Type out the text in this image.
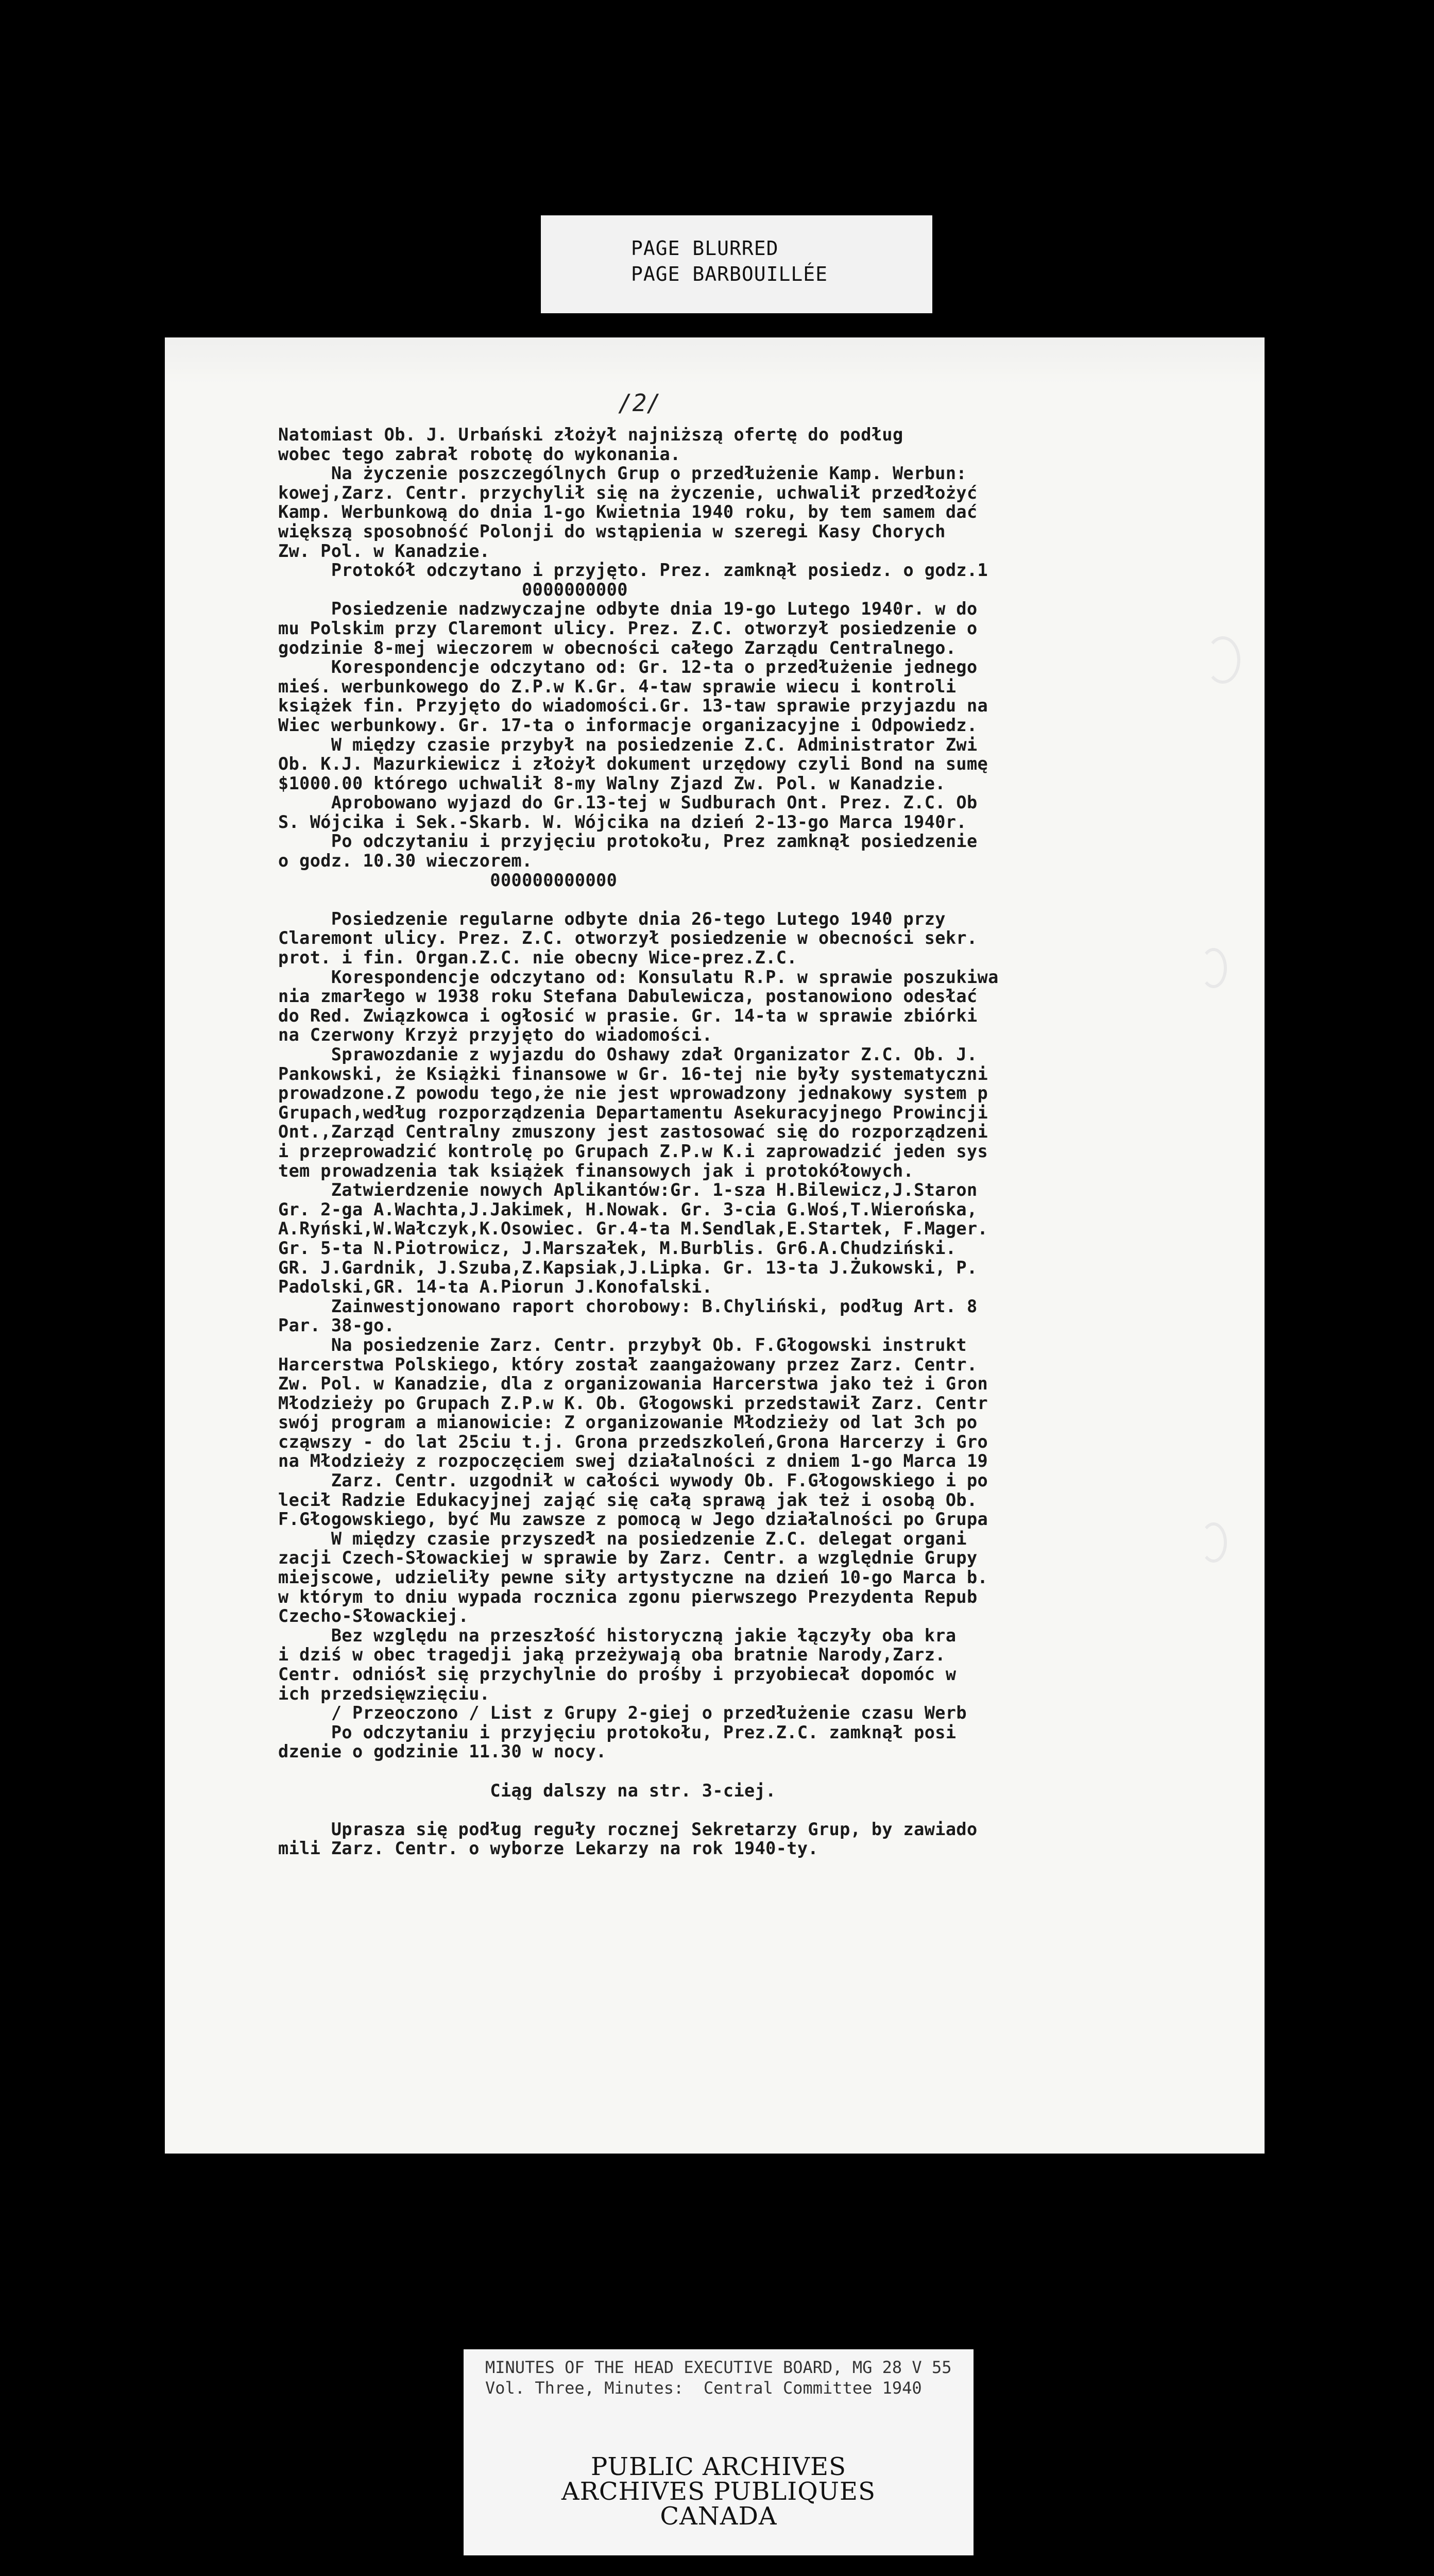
PAGE BLURRED
PAGE BARBOUILLÉE
/2/
Natomiast Ob. J. Urbański złożył najniższą ofertę do podług
wobec tego zabrał robotę do wykonania.
Na życzenie poszczególnych Grup o przedłużenie Kamp. Werbun:
kowej,Zarz. Centr. przychylił się na życzenie, uchwalił przedłożyć
Kamp. Werbunkową do dnia 1-go Kwietnia 1940 roku, by tem samem dać
większą sposobność Polonji do wstąpienia w szeregi Kasy Chorych
Zw. Pol. w Kanadzie.
Protokół odczytano i przyjęto. Prez. zamknął posiedz. o godz.1
0000000000
Posiedzenie nadzwyczajne odbyte dnia 19-go Lutego 1940r. w do
mu Polskim przy Claremont ulicy. Prez. Z.C. otworzył posiedzenie o
godzinie 8-mej wieczorem w obecności całego Zarządu Centralnego.
Korespondencje odczytano od: Gr. 12-ta o przedłużenie jednego
mieś. werbunkowego do Z.P.w K.Gr. 4-taw sprawie wiecu i kontroli
książek fin. Przyjęto do wiadomości.Gr. 13-taw sprawie przyjazdu na
Wiec werbunkowy. Gr. 17-ta o informacje organizacyjne i Odpowiedz.
W między czasie przybył na posiedzenie Z.C. Administrator Zwi
Ob. K.J. Mazurkiewicz i złożył dokument urzędowy czyli Bond na sumę
$1000.00 którego uchwalił 8-my Walny Zjazd Zw. Pol. w Kanadzie.
Aprobowano wyjazd do Gr.13-tej w Sudburach Ont. Prez. Z.C. Ob
S. Wójcika i Sek.-Skarb. W. Wójcika na dzień 2-13-go Marca 1940r.
Po odczytaniu i przyjęciu protokołu, Prez zamknął posiedzenie
o godz. 10.30 wieczorem.
000000000000
Posiedzenie regularne odbyte dnia 26-tego Lutego 1940 przy
Claremont ulicy. Prez. Z.C. otworzył posiedzenie w obecności sekr.
prot. i fin. Organ.Z.C. nie obecny Wice-prez.Z.C.
Korespondencje odczytano od: Konsulatu R.P. w sprawie poszukiwa
nia zmarłego w 1938 roku Stefana Dabulewicza, postanowiono odesłać
do Red. Związkowca i ogłosić w prasie. Gr. 14-ta w sprawie zbiórki
na Czerwony Krzyż przyjęto do wiadomości.
Sprawozdanie z wyjazdu do Oshawy zdał Organizator Z.C. Ob. J.
Pankowski, że Książki finansowe w Gr. 16-tej nie były systematyczni
prowadzone.Z powodu tego,że nie jest wprowadzony jednakowy system p
Grupach,według rozporządzenia Departamentu Asekuracyjnego Prowincji
Ont.,Zarząd Centralny zmuszony jest zastosować się do rozporządzeni
i przeprowadzić kontrolę po Grupach Z.P.w K.i zaprowadzić jeden sys
tem prowadzenia tak książek finansowych jak i protokółowych.
Zatwierdzenie nowych Aplikantów:Gr. 1-sza H.Bilewicz,J.Staron
Gr. 2-ga A.Wachta,J.Jakimek, H.Nowak. Gr. 3-cia G.Woś,T.Wierońska,
A.Ryński,W.Wałczyk,K.Osowiec. Gr.4-ta M.Sendlak,E.Startek, F.Mager.
Gr. 5-ta N.Piotrowicz, J.Marszałek, M.Burblis. Gr6.A.Chudziński.
GR. J.Gardnik, J.Szuba,Z.Kapsiak,J.Lipka. Gr. 13-ta J.Żukowski, P.
Padolski,GR. 14-ta A.Piorun J.Konofalski.
Zainwestjonowano raport chorobowy: B.Chyliński, podług Art. 8
Par. 38-go.
Na posiedzenie Zarz. Centr. przybył Ob. F.Głogowski instrukt
Harcerstwa Polskiego, który został zaangażowany przez Zarz. Centr.
Zw. Pol. w Kanadzie, dla z organizowania Harcerstwa jako też i Gron
Młodzieży po Grupach Z.P.w K. Ob. Głogowski przedstawił Zarz. Centr
swój program a mianowicie: Z organizowanie Młodzieży od lat 3ch po
cząwszy - do lat 25ciu t.j. Grona przedszkoleń,Grona Harcerzy i Gro
na Młodzieży z rozpoczęciem swej działalności z dniem 1-go Marca 19
Zarz. Centr. uzgodnił w całości wywody Ob. F.Głogowskiego i po
lecił Radzie Edukacyjnej zająć się całą sprawą jak też i osobą Ob.
F.Głogowskiego, być Mu zawsze z pomocą w Jego działalności po Grupa
W między czasie przyszedł na posiedzenie Z.C. delegat organi
zacji Czech-Słowackiej w sprawie by Zarz. Centr. a względnie Grupy
miejscowe, udzieliły pewne siły artystyczne na dzień 10-go Marca b.
w którym to dniu wypada rocznica zgonu pierwszego Prezydenta Repub
Czecho-Słowackiej.
Bez względu na przeszłość historyczną jakie łączyły oba kra
i dziś w obec tragedji jaką przeżywają oba bratnie Narody,Zarz.
Centr. odniósł się przychylnie do prośby i przyobiecał dopomóc w
ich przedsięwzięciu.
/ Przeoczono / List z Grupy 2-giej o przedłużenie czasu Werb
Po odczytaniu i przyjęciu protokołu, Prez.Z.C. zamknął posi
dzenie o godzinie 11.30 w nocy.
Ciąg dalszy na str. 3-ciej.
Upraszа się podług reguły rocznej Sekretarzy Grup, by zawiado
mili Zarz. Centr. o wyborze Lekarzy na rok 1940-ty.
MINUTES OF THE HEAD EXECUTIVE BOARD, MG 28 V 55
Vol. Three, Minutes:  Central Committee 1940
PUBLIC ARCHIVES
ARCHIVES PUBLIQUES
CANADA
